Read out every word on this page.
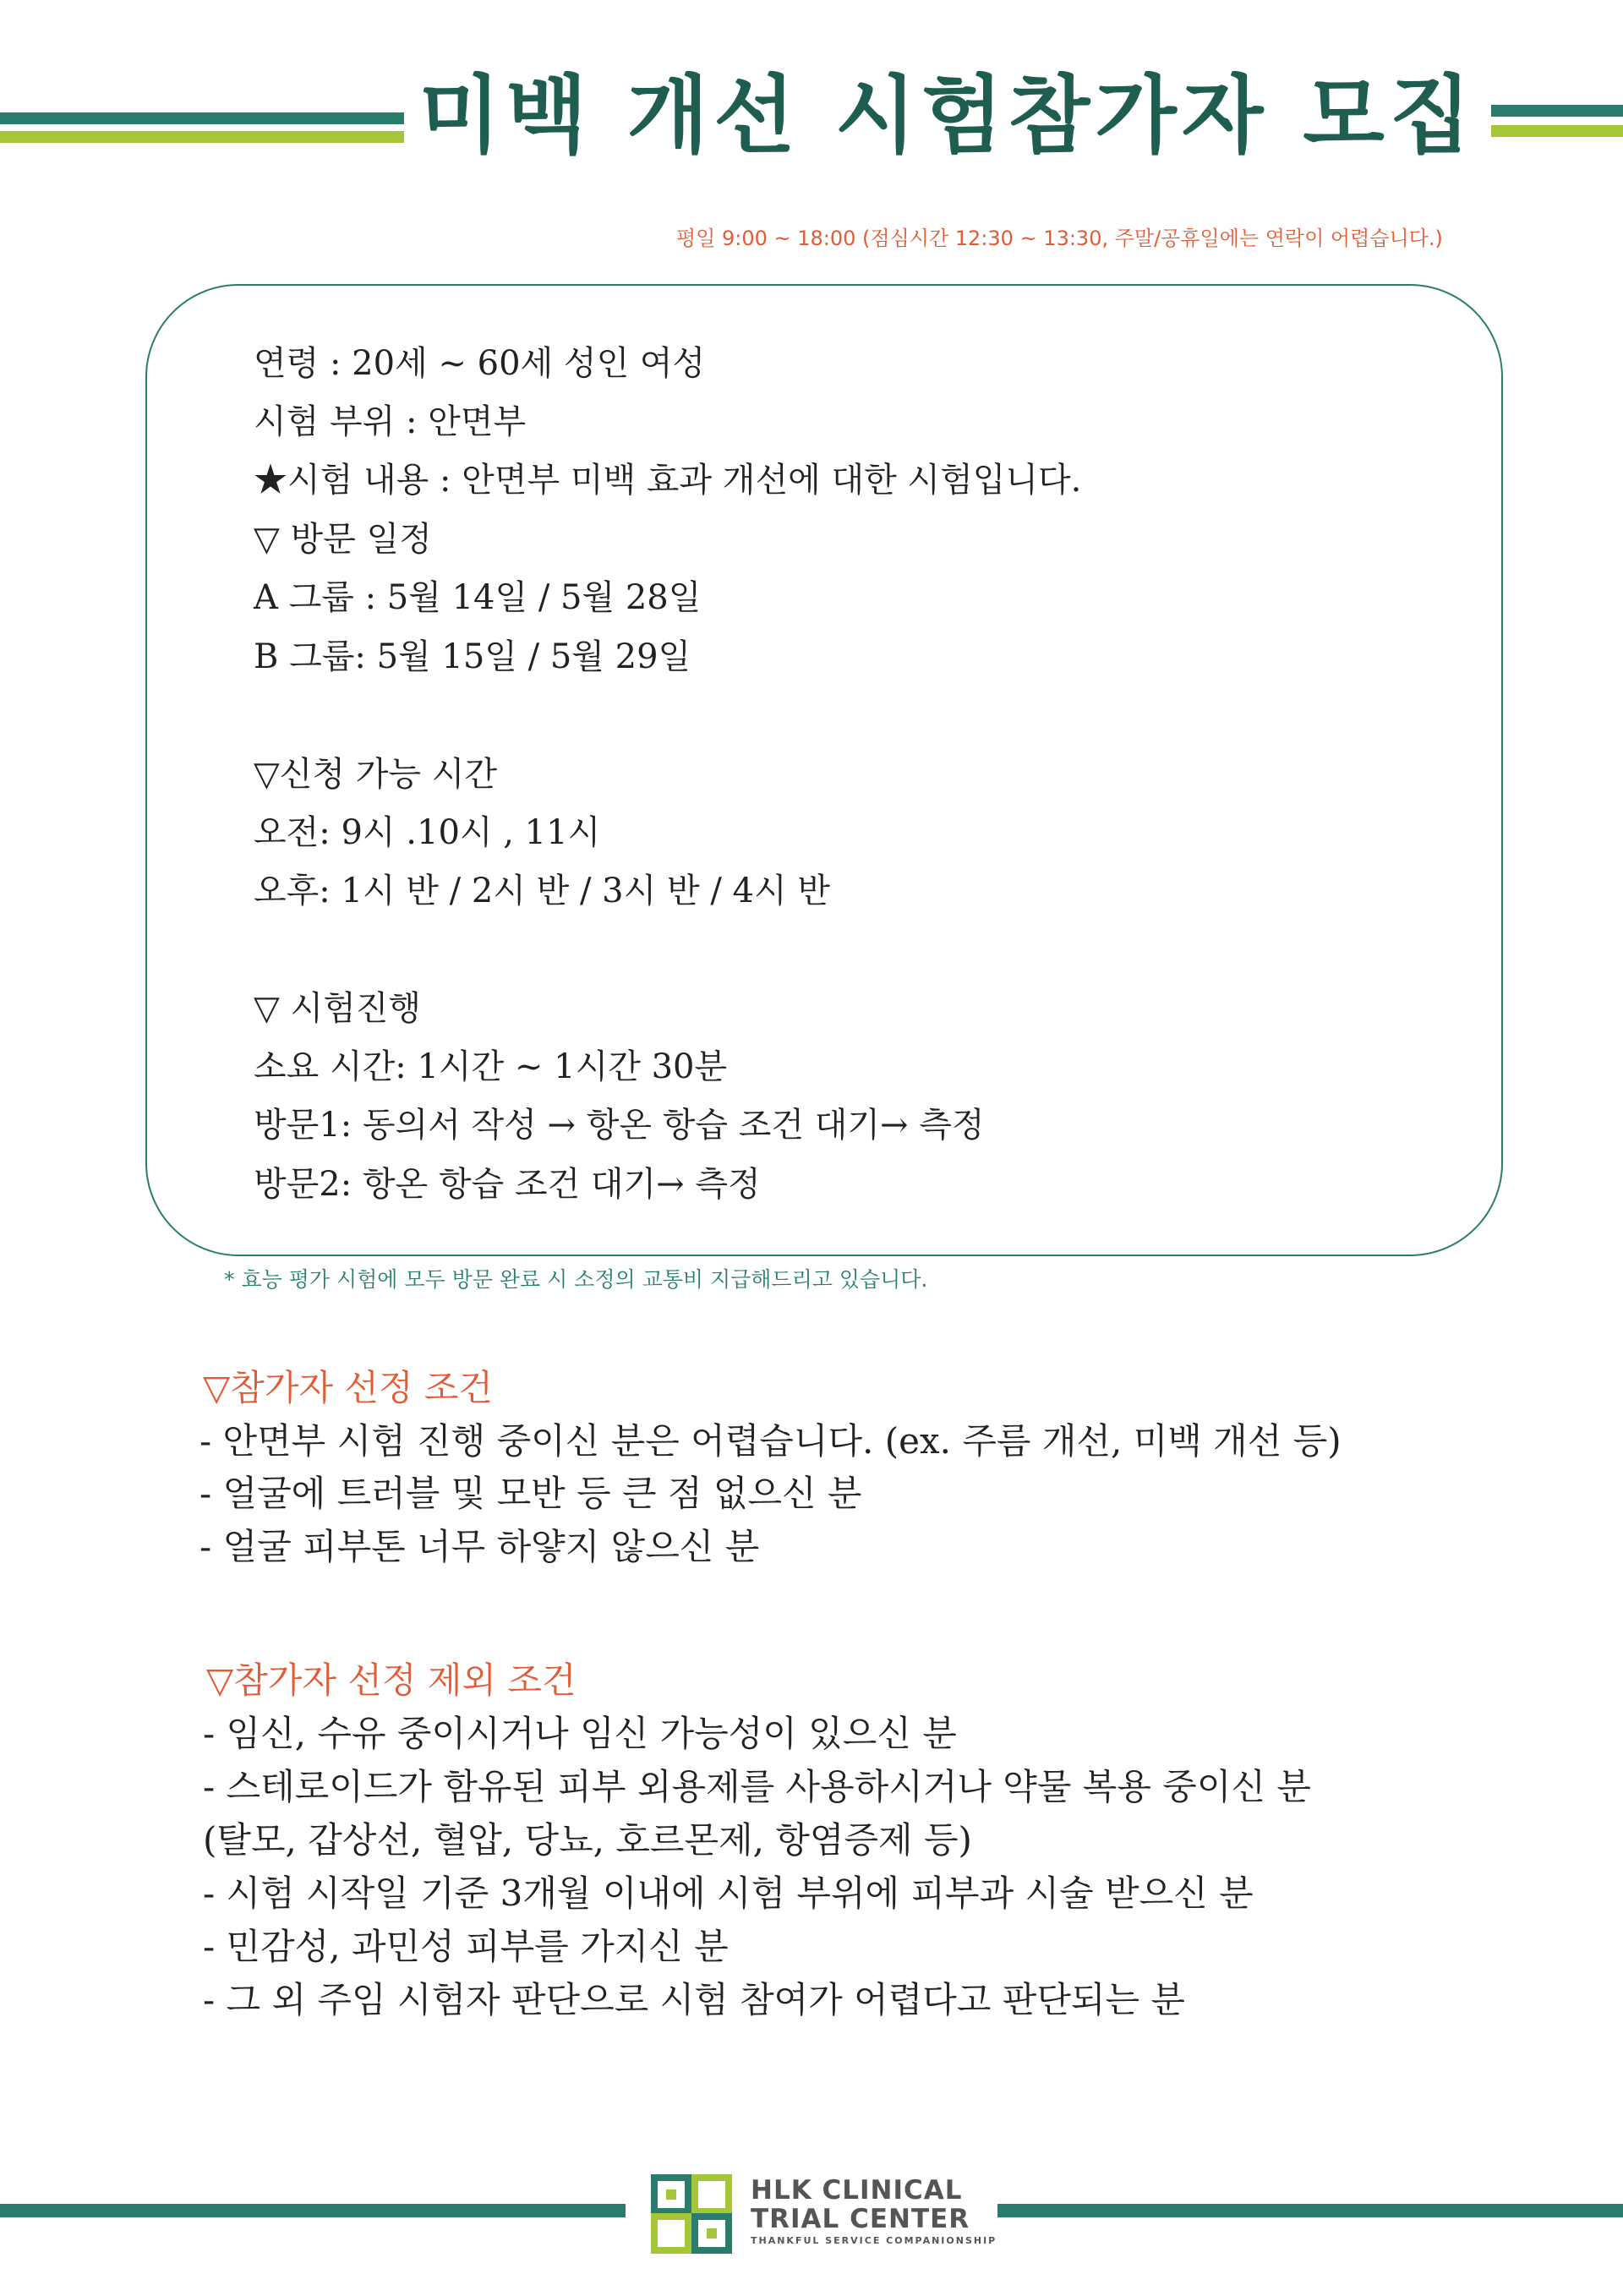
미백 개선 시험참가자 모집
평일 9:00 ~ 18:00 (점심시간 12:30 ~ 13:30, 주말/공휴일에는 연락이 어렵습니다.)
연령 : 20세 ~ 60세 성인 여성
시험 부위 : 안면부
★시험 내용 : 안면부 미백 효과 개선에 대한 시험입니다.
▽ 방문 일정
A 그룹 : 5월 14일 / 5월 28일
B 그룹: 5월 15일 / 5월 29일
▽신청 가능 시간
오전: 9시 .10시 , 11시
오후: 1시 반 / 2시 반 / 3시 반 / 4시 반
▽ 시험진행
소요 시간: 1시간 ~ 1시간 30분
방문1: 동의서 작성 → 항온 항습 조건 대기→ 측정
방문2: 항온 항습 조건 대기→ 측정
* 효능 평가 시험에 모두 방문 완료 시 소정의 교통비 지급해드리고 있습니다.
▽참가자 선정 조건
- 안면부 시험 진행 중이신 분은 어렵습니다. (ex. 주름 개선, 미백 개선 등)
- 얼굴에 트러블 및 모반 등 큰 점 없으신 분
- 얼굴 피부톤 너무 하얗지 않으신 분
▽참가자 선정 제외 조건
- 임신, 수유 중이시거나 임신 가능성이 있으신 분
- 스테로이드가 함유된 피부 외용제를 사용하시거나 약물 복용 중이신 분
(탈모, 갑상선, 혈압, 당뇨, 호르몬제, 항염증제 등)
- 시험 시작일 기준 3개월 이내에 시험 부위에 피부과 시술 받으신 분
- 민감성, 과민성 피부를 가지신 분
- 그 외 주임 시험자 판단으로 시험 참여가 어렵다고 판단되는 분
HLK CLINICAL
TRIAL CENTER
THANKFUL SERVICE COMPANIONSHIP
